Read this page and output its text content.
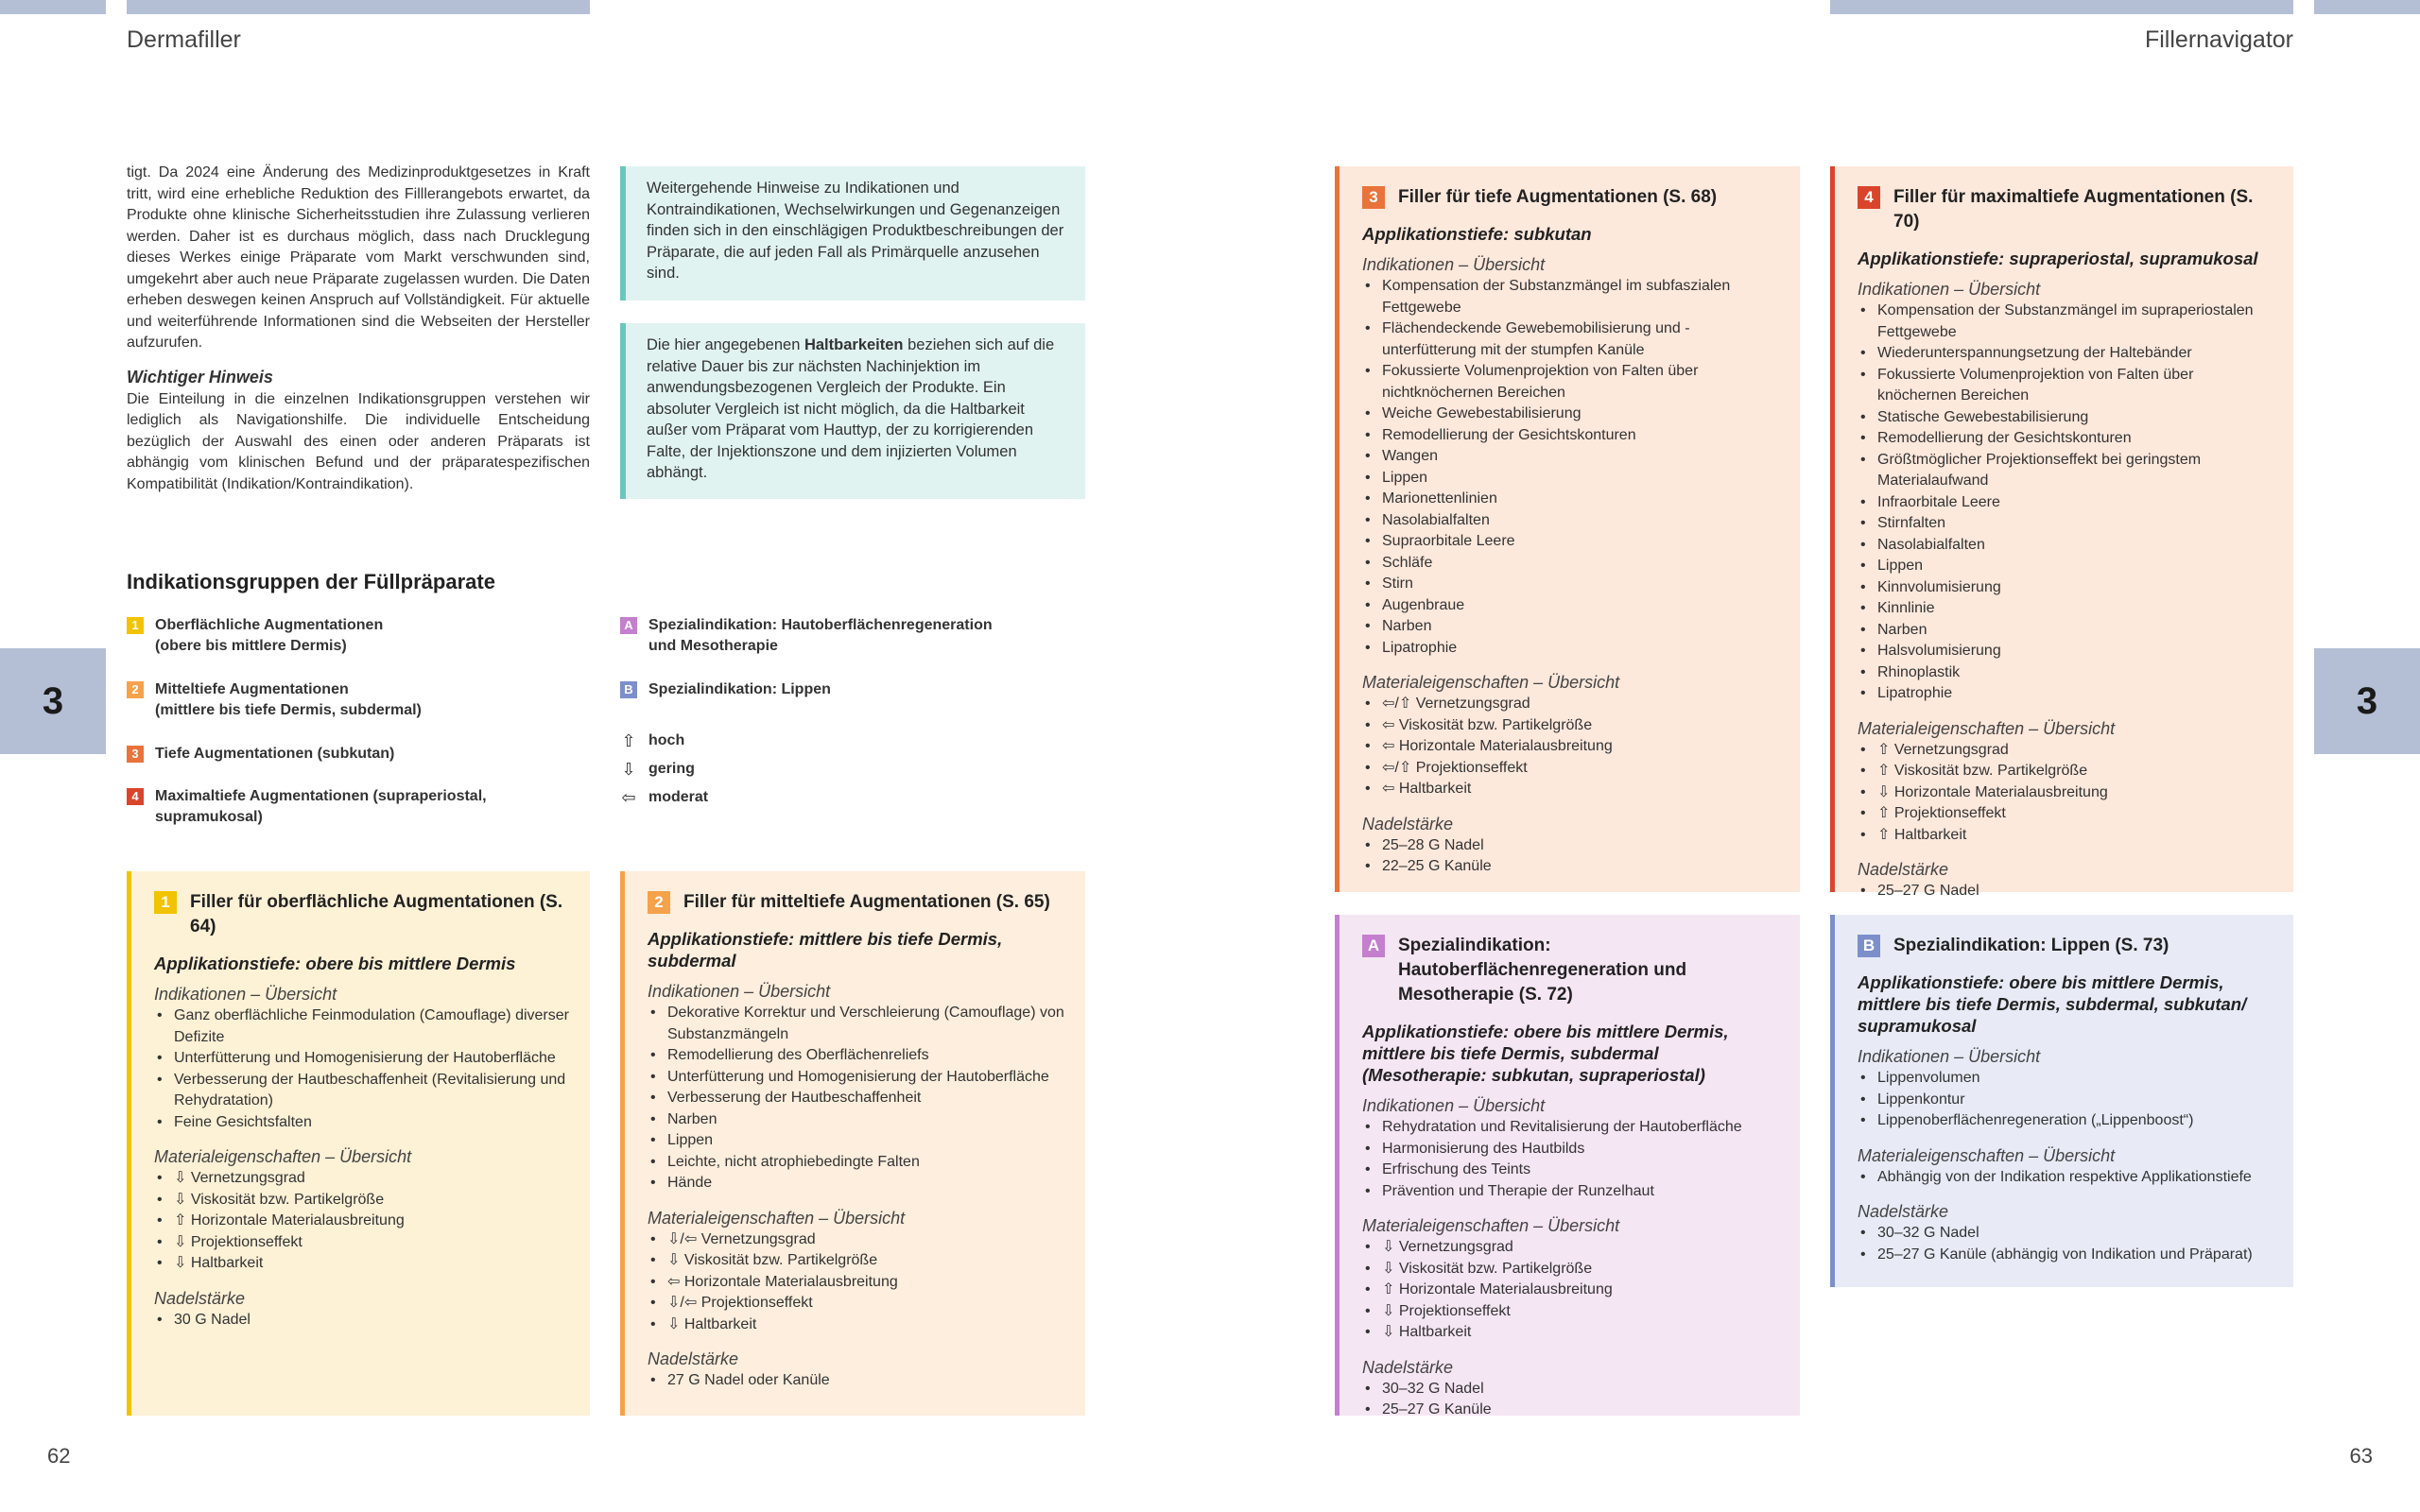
Dermafiller	Fillernavigator
3	3

tigt. Da 2024 eine Änderung des Medizinproduktgesetzes in Kraft tritt, wird eine erhebliche Reduktion des Filllerangebots erwartet, da Produkte ohne klinische Sicherheitsstudien ihre Zulassung verlieren werden. Daher ist es durchaus möglich, dass nach Drucklegung dieses Werkes einige Präparate vom Markt verschwunden sind, umgekehrt aber auch neue Präparate zugelassen wurden. Die Daten erheben deswegen keinen Anspruch auf Vollständigkeit. Für aktuelle und weiterführende Informationen sind die Webseiten der Hersteller aufzurufen.

Wichtiger Hinweis

Die Einteilung in die einzelnen Indikationsgruppen verstehen wir lediglich als Navigationshilfe. Die individuelle Entscheidung bezüglich der Auswahl des einen oder anderen Präparats ist abhängig vom klinischen Befund und der präparatespezifischen Kompatibilität (Indikation/Kontraindikation).

Weitergehende Hinweise zu Indikationen und Kontraindikationen, Wechselwirkungen und Gegenanzeigen finden sich in den einschlägigen Produktbeschreibungen der Präparate, die auf jeden Fall als Primärquelle anzusehen sind.
Die hier angegebenen Haltbarkeiten beziehen sich auf die relative Dauer bis zur nächsten Nachinjektion im anwendungsbezogenen Vergleich der Produkte. Ein absoluter Vergleich ist nicht möglich, da die Haltbarkeit außer vom Präparat vom Hauttyp, der zu korrigierenden Falte, der Injektionszone und dem injizierten Volumen abhängt.
Indikationsgruppen der Füllpräparate
1	Oberflächliche Augmentationen
(obere bis mittlere Dermis)
2	Mitteltiefe Augmentationen
(mittlere bis tiefe Dermis, subdermal)
3	Tiefe Augmentationen (subkutan)
4	Maximaltiefe Augmentationen (supraperiostal,
supramukosal)
A Spezialindikation: Hautoberflächenregeneration
und Mesotherapie
B Spezialindikation: Lippen
⇧ hoch
⇩ gering
⇦ moderat
1	Filler für oberflächliche Augmentationen (S. 64)
Applikationstiefe: obere bis mittlere Dermis
Indikationen – Übersicht
• Ganz oberflächliche Feinmodulation (Camouflage) diverser Defizite
• Unterfütterung und Homogenisierung der Hautoberfläche
• Verbesserung der Hautbeschaffenheit (Revitalisierung und Rehydratation)
• Feine Gesichtsfalten
Materialeigenschaften – Übersicht
• ⇩ Vernetzungsgrad
• ⇩ Viskosität bzw. Partikelgröße
• ⇧ Horizontale Materialausbreitung
• ⇩ Projektionseffekt
• ⇩ Haltbarkeit
Nadelstärke
• 30 G Nadel
2	Filler für mitteltiefe Augmentationen (S. 65)
Applikationstiefe: mittlere bis tiefe Dermis, subdermal
Indikationen – Übersicht
• Dekorative Korrektur und Verschleierung (Camouflage) von Substanzmängeln
• Remodellierung des Oberflächenreliefs
• Unterfütterung und Homogenisierung der Hautoberfläche
• Verbesserung der Hautbeschaffenheit
• Narben
• Lippen
• Leichte, nicht atrophiebedingte Falten
• Hände
Materialeigenschaften – Übersicht
• ⇩/⇦ Vernetzungsgrad
• ⇩ Viskosität bzw. Partikelgröße
• ⇦ Horizontale Materialausbreitung
• ⇩/⇦ Projektionseffekt
• ⇩ Haltbarkeit
Nadelstärke
• 27 G Nadel oder Kanüle
3	Filler für tiefe Augmentationen (S. 68)
Applikationstiefe: subkutan
Indikationen – Übersicht
• Kompensation der Substanzmängel im subfaszialen Fettgewebe
• Flächendeckende Gewebemobilisierung und -unterfütterung mit der stumpfen Kanüle
• Fokussierte Volumenprojektion von Falten über nichtknöchernen Bereichen
• Weiche Gewebestabilisierung
• Remodellierung der Gesichtskonturen
• Wangen
• Lippen
• Marionettenlinien
• Nasolabialfalten
• Supraorbitale Leere
• Schläfe
• Stirn
• Augenbraue
• Narben
• Lipatrophie
Materialeigenschaften – Übersicht
• ⇦/⇧ Vernetzungsgrad
• ⇦ Viskosität bzw. Partikelgröße
• ⇦ Horizontale Materialausbreitung
• ⇦/⇧ Projektionseffekt
• ⇦ Haltbarkeit
Nadelstärke
• 25–28 G Nadel
• 22–25 G Kanüle
4	Filler für maximaltiefe Augmentationen (S. 70)
Applikationstiefe: supraperiostal, supramukosal
Indikationen – Übersicht
• Kompensation der Substanzmängel im supraperiostalen Fettgewebe
• Wiederunterspannungsetzung der Haltebänder
• Fokussierte Volumenprojektion von Falten über knöchernen Bereichen
• Statische Gewebestabilisierung
• Remodellierung der Gesichtskonturen
• Größtmöglicher Projektionseffekt bei geringstem Materialaufwand
• Infraorbitale Leere
• Stirnfalten
• Nasolabialfalten
• Lippen
• Kinnvolumisierung
• Kinnlinie
• Narben
• Halsvolumisierung
• Rhinoplastik
• Lipatrophie
Materialeigenschaften – Übersicht
• ⇧ Vernetzungsgrad
• ⇧ Viskosität bzw. Partikelgröße
• ⇩ Horizontale Materialausbreitung
• ⇧ Projektionseffekt
• ⇧ Haltbarkeit
Nadelstärke
• 25–27 G Nadel
A	Spezialindikation: Hautoberflächenregeneration und Mesotherapie (S. 72)
Applikationstiefe: obere bis mittlere Dermis, mittlere bis tiefe Dermis, subdermal (Mesotherapie: subkutan, supraperiostal)
Indikationen – Übersicht
• Rehydratation und Revitalisierung der Hautoberfläche
• Harmonisierung des Hautbilds
• Erfrischung des Teints
• Prävention und Therapie der Runzelhaut
Materialeigenschaften – Übersicht
• ⇩ Vernetzungsgrad
• ⇩ Viskosität bzw. Partikelgröße
• ⇧ Horizontale Materialausbreitung
• ⇩ Projektionseffekt
• ⇩ Haltbarkeit
Nadelstärke
• 30–32 G Nadel
• 25–27 G Kanüle
B	Spezialindikation: Lippen (S. 73)
Applikationstiefe: obere bis mittlere Dermis, mittlere bis tiefe Dermis, subdermal, subkutan/ supramukosal
Indikationen – Übersicht
• Lippenvolumen
• Lippenkontur
• Lippenoberflächenregeneration („Lippenboost“)
Materialeigenschaften – Übersicht
• Abhängig von der Indikation respektive Applikationstiefe
Nadelstärke
• 30–32 G Nadel
• 25–27 G Kanüle (abhängig von Indikation und Präparat)
62	63
